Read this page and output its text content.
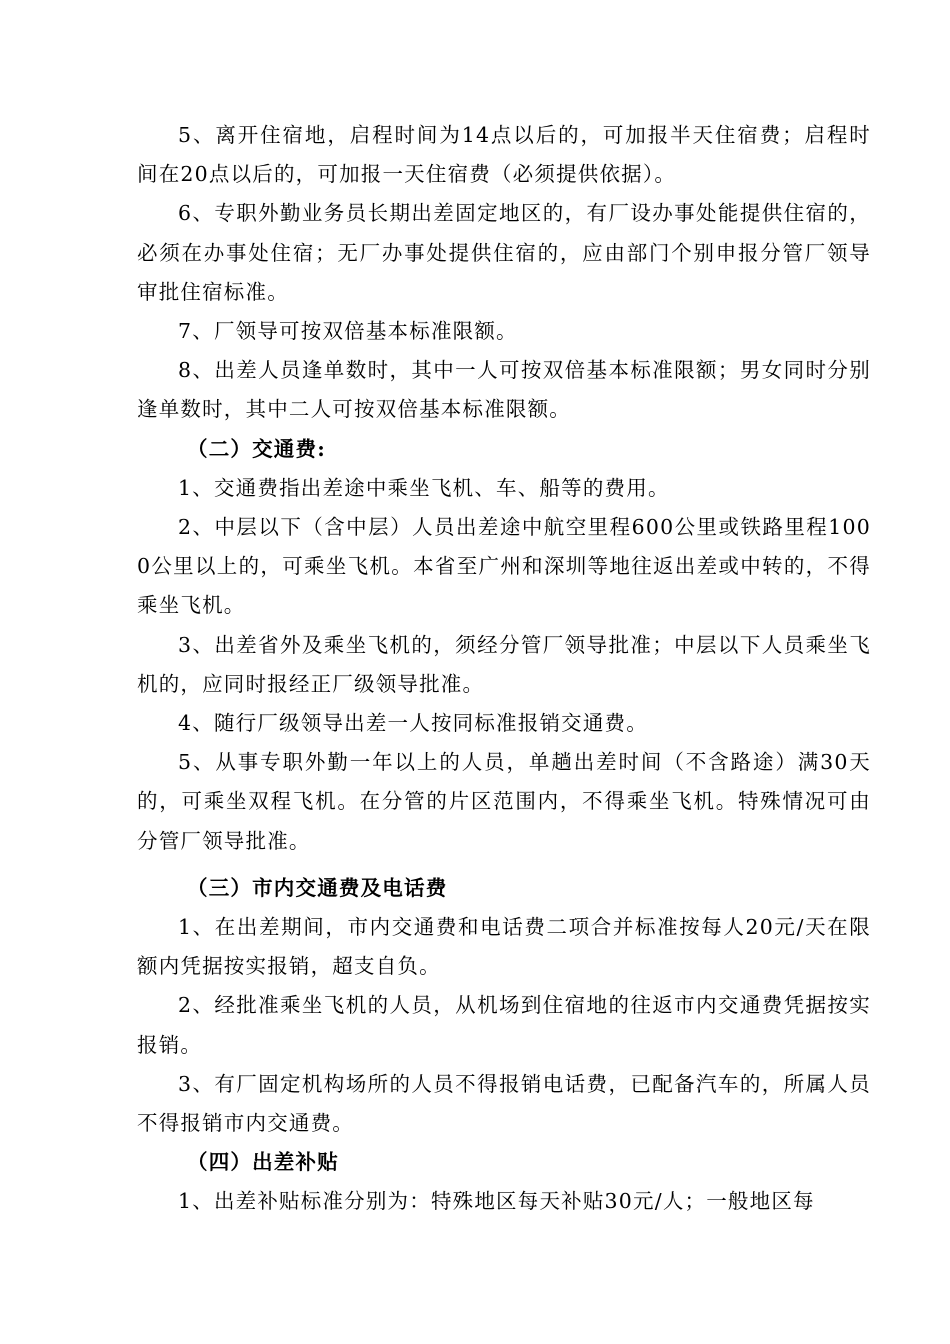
5、离开住宿地，启程时间为14点以后的，可加报半天住宿费；启程时间在20点以后的，可加报一天住宿费（必须提供依据）。

6、专职外勤业务员长期出差固定地区的，有厂设办事处能提供住宿的，必须在办事处住宿；无厂办事处提供住宿的，应由部门个别申报分管厂领导审批住宿标准。

7、厂领导可按双倍基本标准限额。

8、出差人员逢单数时，其中一人可按双倍基本标准限额；男女同时分别逢单数时，其中二人可按双倍基本标准限额。

（二）交通费:

1、交通费指出差途中乘坐飞机、车、船等的费用。

2、中层以下（含中层）人员出差途中航空里程600公里或铁路里程1000公里以上的，可乘坐飞机。本省至广州和深圳等地往返出差或中转的，不得乘坐飞机。

3、出差省外及乘坐飞机的，须经分管厂领导批准；中层以下人员乘坐飞机的，应同时报经正厂级领导批准。

4、随行厂级领导出差一人按同标准报销交通费。

5、从事专职外勤一年以上的人员，单趟出差时间（不含路途）满30天的，可乘坐双程飞机。在分管的片区范围内，不得乘坐飞机。特殊情况可由分管厂领导批准。

（三）市内交通费及电话费

1、在出差期间，市内交通费和电话费二项合并标准按每人20元/天在限额内凭据按实报销，超支自负。

2、经批准乘坐飞机的人员，从机场到住宿地的往返市内交通费凭据按实报销。

3、有厂固定机构场所的人员不得报销电话费，已配备汽车的，所属人员不得报销市内交通费。

（四）出差补贴

1、出差补贴标准分别为：特殊地区每天补贴30元/人；一般地区每
